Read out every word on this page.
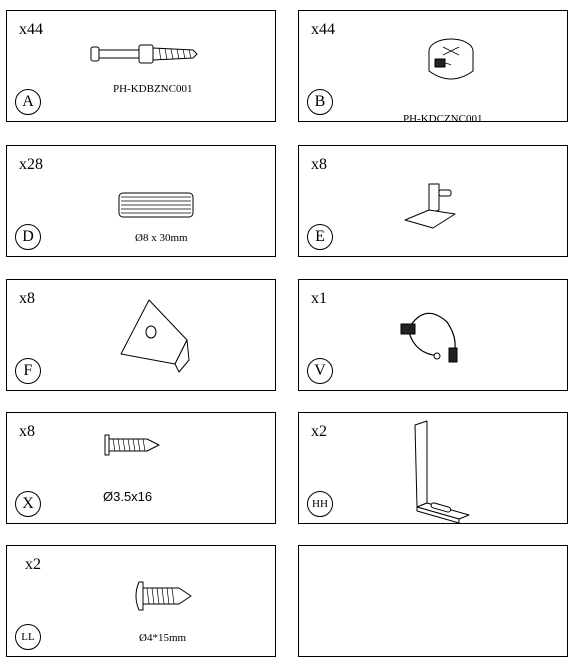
x44
PH-KDBZNC001
A
x44
PH-KDCZNC001
B
x28
Ø8 x 30mm
D
x8
E
x8
F
x1
V
x8
Ø3.5x16
X
x2
HH
x2
Ø4*15mm
LL
